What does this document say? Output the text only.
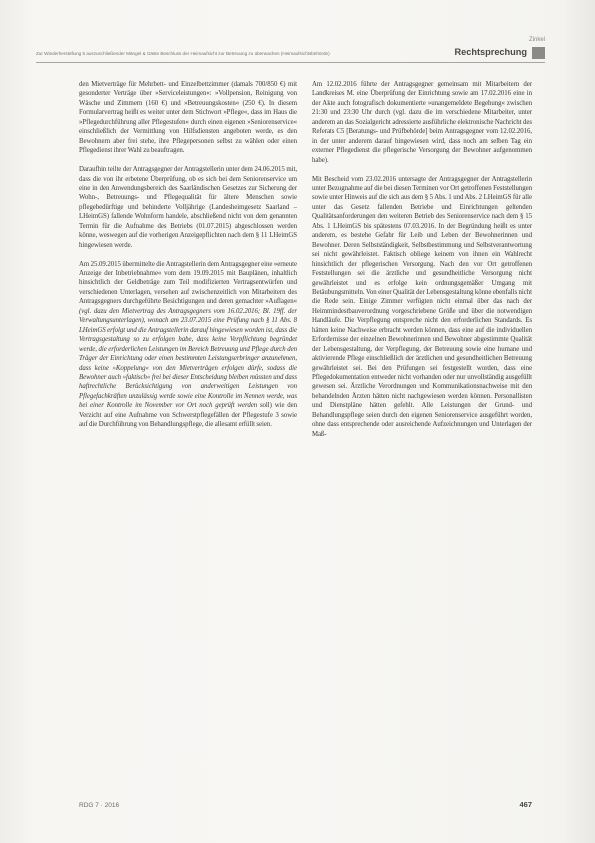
Zinkel
Zur Wiederherstellung 5 auszuschließender Mängel & Gäste Beschluss der Heimaufsicht zur Betreuung zu überwachen (Heimaufsichtsbehörde)	Rechtsprechung

den Mietverträge für Mehrbett- und Einzelbettzimmer (damals 700/850 €) mit gesonderter Verträge über »Serviceleistungen«: »Vollpension, Reinigung von Wäsche und Zimmern (160 €) und »Betreuungskosten« (250 €). In diesem Formularvertrag heißt es weiter unter dem Stichwort »Pflege«, dass im Haus die »Pflegedurchführung aller Pflegestufen« durch einen eigenen »Seniorenservice« einschließlich der Vermittlung von Hilfsdiensten angeboten werde, es den Bewohnern aber frei stehe, ihre Pflegepersonen selbst zu wählen oder einen Pflegedienst ihrer Wahl zu beauftragen.

Daraufhin teilte der Antragsgegner der Antragstellerin unter dem 24.06.2015 mit, dass die von ihr erbetene Überprüfung, ob es sich bei dem Seniorenservice um eine in den Anwendungsbereich des Saarländischen Gesetzes zur Sicherung der Wohn-, Betreuungs- und Pflegequalität für ältere Menschen sowie pflegebedürftige und behinderte Volljährige (Landesheimgesetz Saarland – LHeimGS) fallende Wohnform handele, abschließend nicht von dem genannten Termin für die Aufnahme des Betriebs (01.07.2015) abgeschlossen werden könne, weswegen auf die vorherigen Anzeigepflichten nach dem § 11 LHeimGS hingewiesen werde.

Am 25.09.2015 übermittelte die Antragstellerin dem Antragsgegner eine »erneute Anzeige der Inbetriebnahme« vom dem 19.09.2015 mit Bauplänen, inhaltlich hinsichtlich der Geldbeträge zum Teil modifizierten Vertragsentwürfen und verschiedenen Unterlagen, versehen auf zwischenzeitlich von Mitarbeitern des Antragsgegners durchgeführte Besichtigungen und deren gemachter »Auflagen« (vgl. dazu den Mietvertrag des Antragsgegners vom 16.02.2016; Bl. 19ff. der Verwaltungsunterlagen), wonach am 23.07.2015 eine Prüfung nach § 11 Abs. 8 LHeimGS erfolgt und die Antragstellerin darauf hingewiesen worden ist, dass die Vertragsgestaltung so zu erfolgen habe, dass keine Verpflichtung begründet werde, die erforderlichen Leistungen im Bereich Betreuung und Pflege durch den Träger der Einrichtung oder einen bestimmten Leistungserbringer anzunehmen, dass keine »Koppelung« von den Mietverträgen erfolgen dürfe, sodass die Bewohner auch »faktisch« frei bei dieser Entscheidung bleiben müssten und dass haftrechtliche Berücksichtigung von anderweitigen Leistungen von Pflegefachkräften unzulässig werde sowie eine Kontrolle im Nennen werde, was bei einer Kontrolle im November vor Ort noch geprüft werden soll) wie den Verzicht auf eine Aufnahme von Schwerstpflegefällen der Pflegestufe 3 sowie auf die Durchführung von Behandlungspflege, die allesamt erfüllt seien.

Am 12.02.2016 führte der Antragsgegner gemeinsam mit Mitarbeitern der Landkreises M. eine Überprüfung der Einrichtung sowie am 17.02.2016 eine in der Akte auch fotografisch dokumentierte »unangemeldete Begehung« zwischen 21:30 und 23:30 Uhr durch (vgl. dazu die im verschiedene Mitarbeiter, unter anderem an das Sozialgericht adressierte ausführliche elektronische Nachricht des Referats C5 [Beratungs- und Prüfbehörde] beim Antragsgegner vom 12.02.2016, in der unter anderem darauf hingewiesen wird, dass noch am selben Tag ein externer Pflegedienst die pflegerische Versorgung der Bewohner aufgenommen habe).

Mit Bescheid vom 23.02.2016 untersagte der Antragsgegner der Antragstellerin unter Bezugnahme auf die bei diesen Terminen vor Ort getroffenen Feststellungen sowie unter Hinweis auf die sich aus dem § 5 Abs. 1 und Abs. 2 LHeimGS für alle unter das Gesetz fallenden Betriebe und Einrichtungen geltenden Qualitätsanforderungen den weiteren Betrieb des Seniorenservice nach dem § 15 Abs. 1 LHeimGS bis spätestens 07.03.2016. In der Begründung heißt es unter anderem, es bestehe Gefahr für Leib und Leben der Bewohnerinnen und Bewohner. Deren Selbstständigkeit, Selbstbestimmung und Selbstverantwortung sei nicht gewährleistet. Faktisch obliege keinem von ihnen ein Wahlrecht hinsichtlich der pflegerischen Versorgung. Nach den vor Ort getroffenen Feststellungen sei die ärztliche und gesundheitliche Versorgung nicht gewährleistet und es erfolge kein ordnungsgemäßer Umgang mit Betäubungsmitteln. Von einer Qualität der Lebensgestaltung könne ebenfalls nicht die Rede sein. Einige Zimmer verfügten nicht einmal über das nach der Heimmindestbauverordnung vorgeschriebene Größe und über die notwendigen Handläufe. Die Verpflegung entspreche nicht den erforderlichen Standards. Es hätten keine Nachweise erbracht werden können, dass eine auf die individuellen Erfordernisse der einzelnen Bewohnerinnen und Bewohner abgestimmte Qualität der Lebensgestaltung, der Verpflegung, der Betreuung sowie eine humane und aktivierende Pflege einschließlich der ärztlichen und gesundheitlichen Betreuung gewährleistet sei. Bei den Prüfungen sei festgestellt worden, dass eine Pflegedokumentation entweder nicht vorhanden oder nur unvollständig ausgefüllt gewesen sei. Ärztliche Verordnungen und Kommunikationsnachweise mit den behandelnden Ärzten hätten nicht nachgewiesen werden können. Personallisten und Dienstpläne hätten gefehlt. Alle Leistungen der Grund- und Behandlungspflege seien durch den eigenen Seniorenservice ausgeführt worden, ohne dass entsprechende oder ausreichende Aufzeichnungen und Unterlagen der Maß-

RDG 7 · 2016	467
